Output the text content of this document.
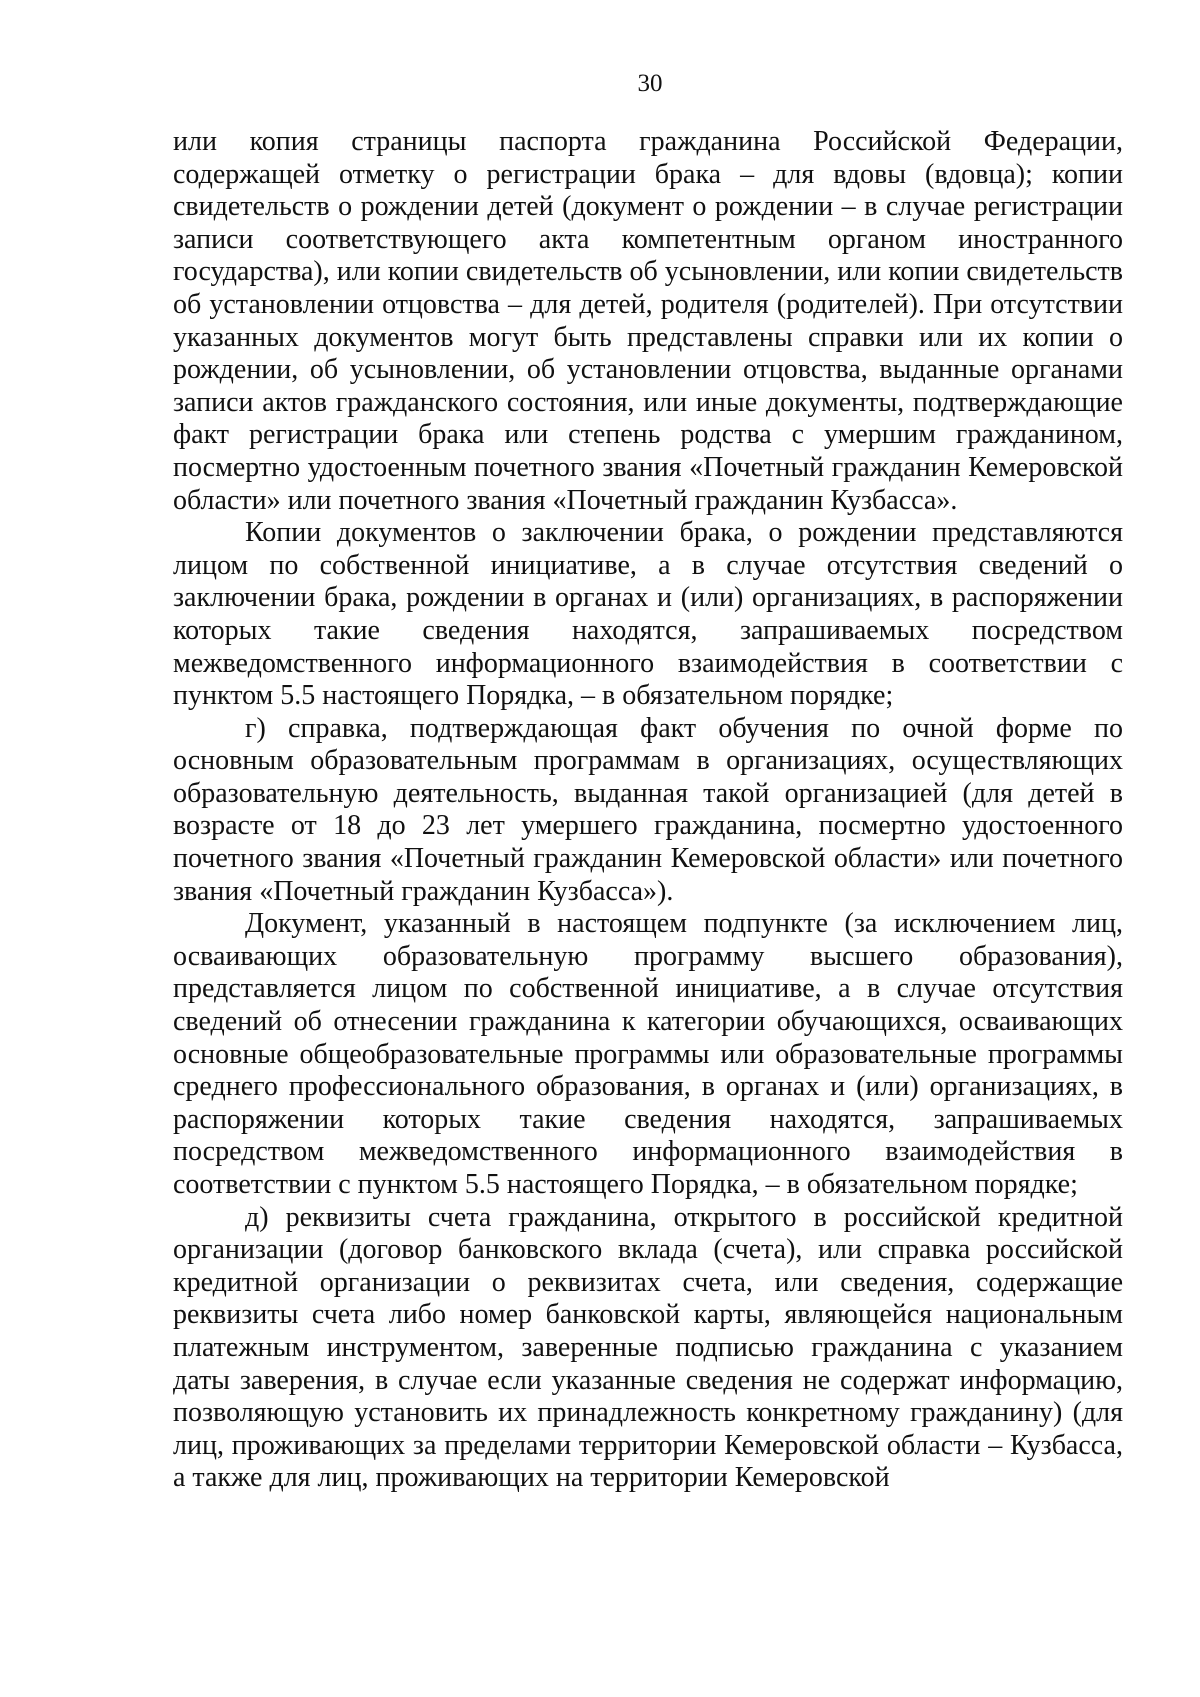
30

или копия страницы паспорта гражданина Российской Федерации, содержащей отметку о регистрации брака – для вдовы (вдовца); копии свидетельств о рождении детей (документ о рождении – в случае регистрации записи соответствующего акта компетентным органом иностранного государства), или копии свидетельств об усыновлении, или копии свидетельств об установлении отцовства – для детей, родителя (родителей). При отсутствии указанных документов могут быть представлены справки или их копии о рождении, об усыновлении, об установлении отцовства, выданные органами записи актов гражданского состояния, или иные документы, подтверждающие факт регистрации брака или степень родства с умершим гражданином, посмертно удостоенным почетного звания «Почетный гражданин Кемеровской области» или почетного звания «Почетный гражданин Кузбасса».

Копии документов о заключении брака, о рождении представляются лицом по собственной инициативе, а в случае отсутствия сведений о заключении брака, рождении в органах и (или) организациях, в распоряжении которых такие сведения находятся, запрашиваемых посредством межведомственного информационного взаимодействия в соответствии с пунктом 5.5 настоящего Порядка, – в обязательном порядке;

г) справка, подтверждающая факт обучения по очной форме по основным образовательным программам в организациях, осуществляющих образовательную деятельность, выданная такой организацией (для детей в возрасте от 18 до 23 лет умершего гражданина, посмертно удостоенного почетного звания «Почетный гражданин Кемеровской области» или почетного звания «Почетный гражданин Кузбасса»).

Документ, указанный в настоящем подпункте (за исключением лиц, осваивающих образовательную программу высшего образования), представляется лицом по собственной инициативе, а в случае отсутствия сведений об отнесении гражданина к категории обучающихся, осваивающих основные общеобразовательные программы или образовательные программы среднего профессионального образования, в органах и (или) организациях, в распоряжении которых такие сведения находятся, запрашиваемых посредством межведомственного информационного взаимодействия в соответствии с пунктом 5.5 настоящего Порядка, – в обязательном порядке;

д) реквизиты счета гражданина, открытого в российской кредитной организации (договор банковского вклада (счета), или справка российской кредитной организации о реквизитах счета, или сведения, содержащие реквизиты счета либо номер банковской карты, являющейся национальным платежным инструментом, заверенные подписью гражданина с указанием даты заверения, в случае если указанные сведения не содержат информацию, позволяющую установить их принадлежность конкретному гражданину) (для лиц, проживающих за пределами территории Кемеровской области – Кузбасса, а также для лиц, проживающих на территории Кемеровской
